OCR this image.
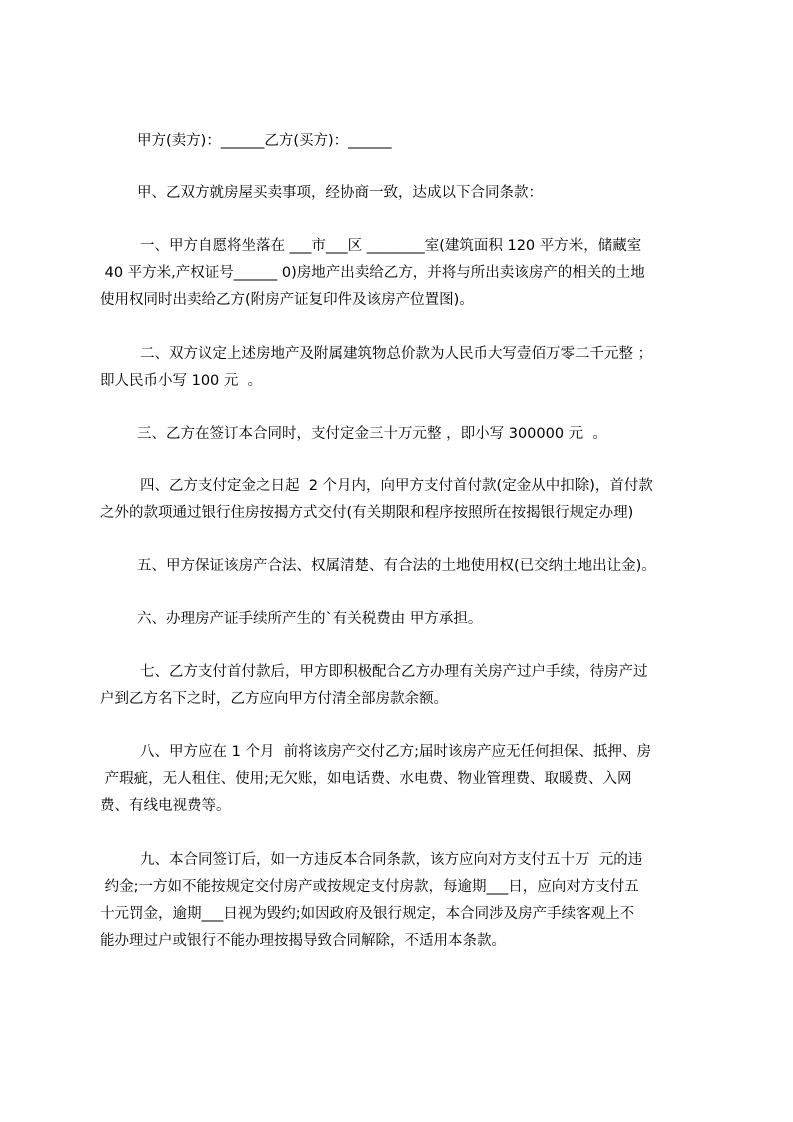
甲方(卖方)：______乙方(买方)：______
甲、乙双方就房屋买卖事项，经协商一致，达成以下合同条款：
一、甲方自愿将坐落在 ___市___区 ________室(建筑面积 120 平方米，储藏室
40 平方米,产权证号______ 0)房地产出卖给乙方，并将与所出卖该房产的相关的土地
使用权同时出卖给乙方(附房产证复印件及该房产位置图)。
二、双方议定上述房地产及附属建筑物总价款为人民币大写壹佰万零二千元整 ；
即人民币小写 100 元  。
三、乙方在签订本合同时，支付定金三十万元整 ，即小写 300000 元  。
四、乙方支付定金之日起  2 个月内，向甲方支付首付款(定金从中扣除)，首付款
之外的款项通过银行住房按揭方式交付(有关期限和程序按照所在按揭银行规定办理)
五、甲方保证该房产合法、权属清楚、有合法的土地使用权(已交纳土地出让金)。
六、办理房产证手续所产生的`有关税费由 甲方承担。
七、乙方支付首付款后，甲方即积极配合乙方办理有关房产过户手续，待房产过
户到乙方名下之时，乙方应向甲方付清全部房款余额。
八、甲方应在 1 个月  前将该房产交付乙方;届时该房产应无任何担保、抵押、房
产瑕疵，无人租住、使用;无欠账，如电话费、水电费、物业管理费、取暖费、入网
费、有线电视费等。
九、本合同签订后，如一方违反本合同条款，该方应向对方支付五十万  元的违
约金;一方如不能按规定交付房产或按规定支付房款，每逾期___日，应向对方支付五
十元罚金，逾期___日视为毁约;如因政府及银行规定，本合同涉及房产手续客观上不
能办理过户或银行不能办理按揭导致合同解除，不适用本条款。
